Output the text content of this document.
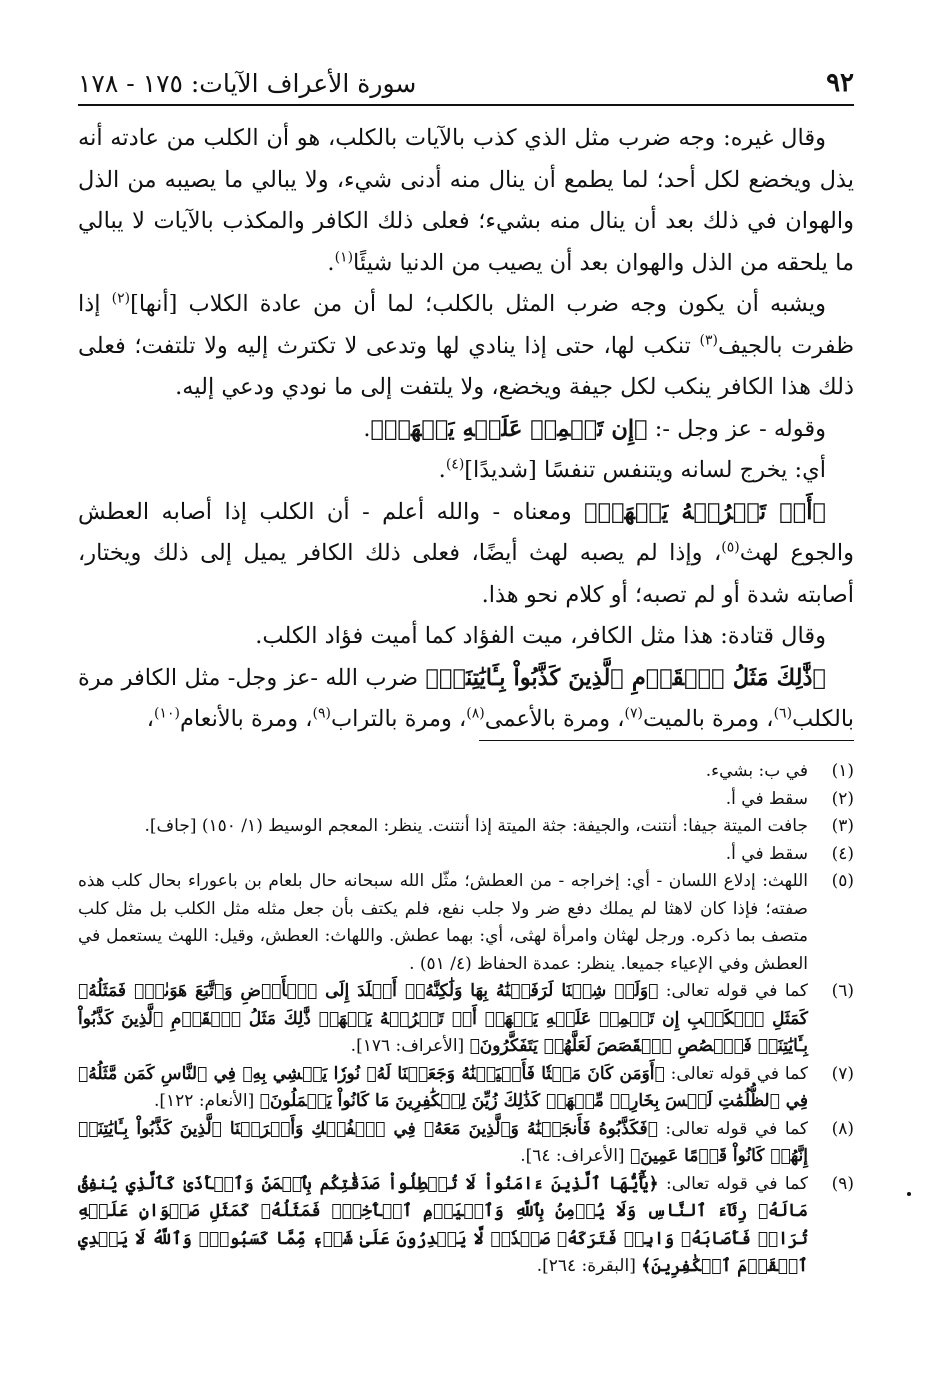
٩٢
سورة الأعراف الآيات: ١٧٥ - ١٧٨

وقال غيره: وجه ضرب مثل الذي كذب بالآيات بالكلب، هو أن الكلب من عادته أنه يذل ويخضع لكل أحد؛ لما يطمع أن ينال منه أدنى شيء، ولا يبالي ما يصيبه من الذل والهوان في ذلك بعد أن ينال منه بشيء؛ فعلى ذلك الكافر والمكذب بالآيات لا يبالي ما يلحقه من الذل والهوان بعد أن يصيب من الدنيا شيئًا$^{(١)}$.

ويشبه أن يكون وجه ضرب المثل بالكلب؛ لما أن من عادة الكلاب [أنها]$^{(٢)}$ إذا ظفرت بالجيف$^{(٣)}$ تنكب لها، حتى إذا ينادي لها وتدعى لا تكترث إليه ولا تلتفت؛ فعلى ذلك هذا الكافر ينكب لكل جيفة ويخضع، ولا يلتفت إلى ما نودي ودعي إليه.

وقوله - عز وجل -: ﴿إِن تَحۡمِلۡ عَلَيۡهِ يَلۡهَثۡ﴾.

أي: يخرج لسانه ويتنفس تنفسًا [شديدًا]$^{(٤)}$.

﴿أَوۡ تَتۡرُكۡهُ يَلۡهَثۚ﴾ ومعناه - والله أعلم - أن الكلب إذا أصابه العطش والجوع لهث$^{(٥)}$، وإذا لم يصبه لهث أيضًا، فعلى ذلك الكافر يميل إلى ذلك ويختار، أصابته شدة أو لم تصبه؛ أو كلام نحو هذا.

وقال قتادة: هذا مثل الكافر، ميت الفؤاد كما أميت فؤاد الكلب.

﴿ذَّٰلِكَ مَثَلُ ٱلۡقَوۡمِ ٱلَّذِينَ كَذَّبُواْ بِـَٔايَٰتِنَاۚ﴾ ضرب الله -عز وجل- مثل الكافر مرة بالكلب$^{(٦)}$، ومرة بالميت$^{(٧)}$، ومرة بالأعمى$^{(٨)}$، ومرة بالتراب$^{(٩)}$، ومرة بالأنعام$^{(١٠)}$،

(١)
في ب: بشيء.
(٢)
سقط في أ.
(٣)
جافت الميتة جيفا: أنتنت، والجيفة: جثة الميتة إذا أنتنت. ينظر: المعجم الوسيط (١/ ١٥٠) [جاف].
(٤)
سقط في أ.
(٥)
اللهث: إدلاع اللسان - أي: إخراجه - من العطش؛ مثّل الله سبحانه حال بلعام بن باعوراء بحال كلب هذه صفته؛ فإذا كان لاهثا لم يملك دفع ضر ولا جلب نفع، فلم يكتف بأن جعل مثله مثل الكلب بل مثل كلب متصف بما ذكره. ورجل لهثان وامرأة لهثى، أي: بهما عطش. واللهاث: العطش، وقيل: اللهث يستعمل في العطش وفي الإعياء جميعا. ينظر: عمدة الحفاظ (٤/ ٥١) .
(٦)
كما في قوله تعالى: ﴿وَلَوۡ شِئۡنَا لَرَفَعۡنَٰهُ بِهَا وَلَٰكِنَّهُۥٓ أَخۡلَدَ إِلَى ٱلۡأَرۡضِ وَٱتَّبَعَ هَوَىٰهُۚ فَمَثَلُهُۥ كَمَثَلِ ٱلۡكَلۡبِ إِن تَحۡمِلۡ عَلَيۡهِ يَلۡهَثۡ أَوۡ تَتۡرُكۡهُ يَلۡهَثۚ ذَّٰلِكَ مَثَلُ ٱلۡقَوۡمِ ٱلَّذِينَ كَذَّبُواْ بِـَٔايَٰتِنَاۚ فَٱقۡصُصِ ٱلۡقَصَصَ لَعَلَّهُمۡ يَتَفَكَّرُونَ﴾ [الأعراف: ١٧٦].
(٧)
كما في قوله تعالى: ﴿أَوَمَن كَانَ مَيۡتٗا فَأَحۡيَيۡنَٰهُ وَجَعَلۡنَا لَهُۥ نُورٗا يَمۡشِي بِهِۦ فِي ٱلنَّاسِ كَمَن مَّثَلُهُۥ فِي ٱلظُّلُمَٰتِ لَيۡسَ بِخَارِجٖ مِّنۡهَاۚ كَذَٰلِكَ زُيِّنَ لِلۡكَٰفِرِينَ مَا كَانُواْ يَعۡمَلُونَ﴾ [الأنعام: ١٢٢].
(٨)
كما في قوله تعالى: ﴿فَكَذَّبُوهُ فَأَنجَيۡنَٰهُ وَٱلَّذِينَ مَعَهُۥ فِي ٱلۡفُلۡكِ وَأَغۡرَقۡنَا ٱلَّذِينَ كَذَّبُواْ بِـَٔايَٰتِنَآۚ إِنَّهُمۡ كَانُواْ قَوۡمًا عَمِينَ﴾ [الأعراف: ٦٤].
(٩)
كما في قوله تعالى: ﴿يَٰٓأَيُّهَا ٱلَّذِينَ ءَامَنُواْ لَا تُبۡطِلُواْ صَدَقَٰتِكُم بِٱلۡمَنِّ وَٱلۡأَذَىٰ كَٱلَّذِي يُنفِقُ مَالَهُۥ رِئَآءَ ٱلنَّاسِ وَلَا يُؤۡمِنُ بِٱللَّهِ وَٱلۡيَوۡمِ ٱلۡأٓخِرِۖ فَمَثَلُهُۥ كَمَثَلِ صَفۡوَانٍ عَلَيۡهِ تُرَابٞ فَأَصَابَهُۥ وَابِلٞ فَتَرَكَهُۥ صَلۡدٗاۖ لَّا يَقۡدِرُونَ عَلَىٰ شَيۡءٖ مِّمَّا كَسَبُواْۗ وَٱللَّهُ لَا يَهۡدِي ٱلۡقَوۡمَ ٱلۡكَٰفِرِينَ﴾ [البقرة: ٢٦٤].
